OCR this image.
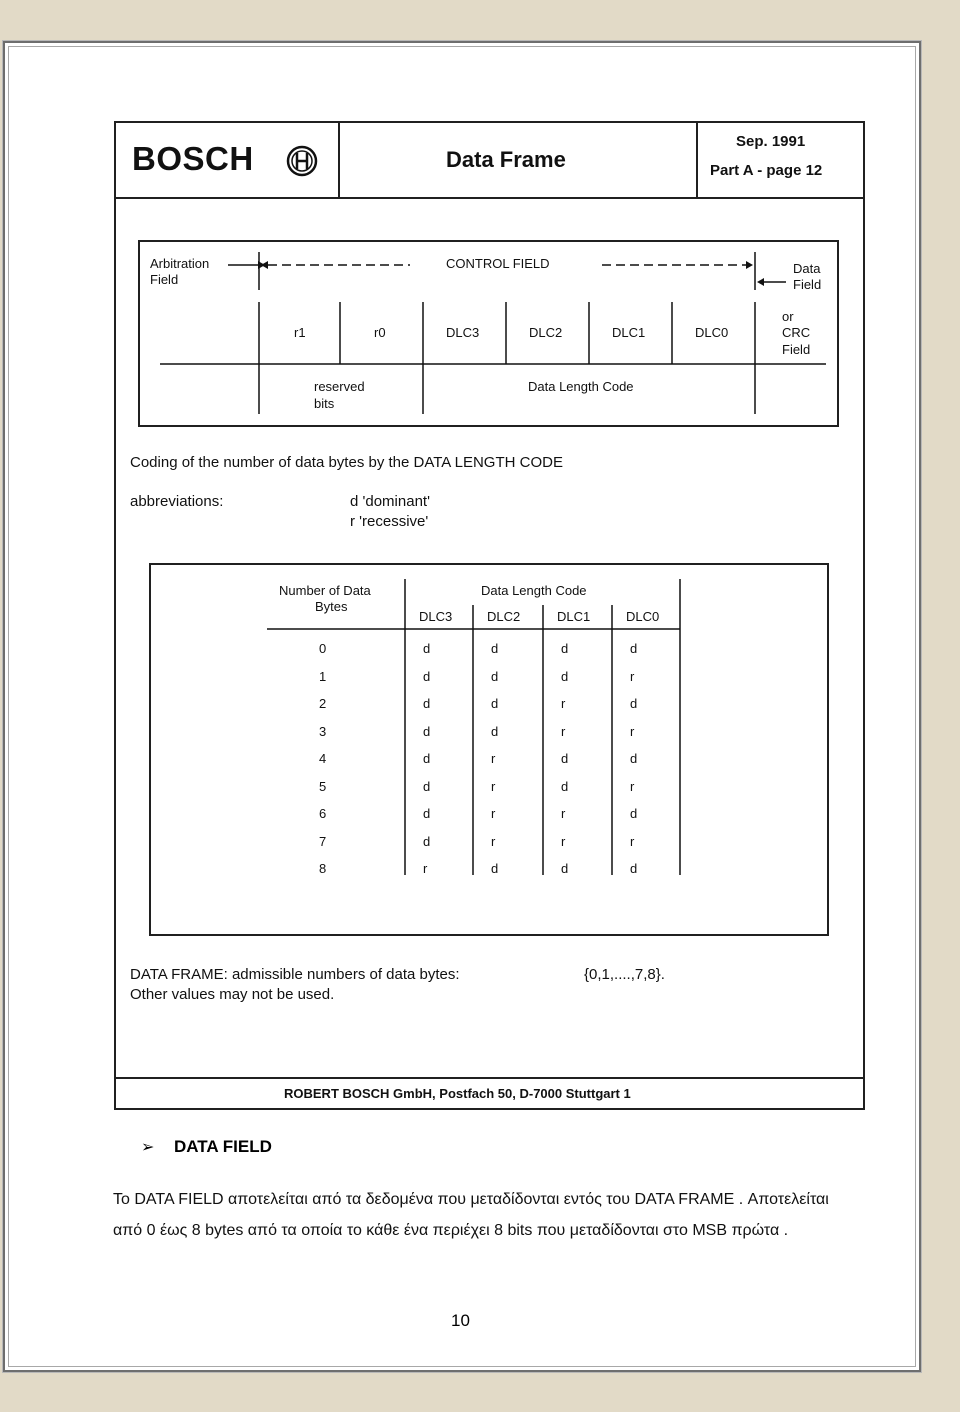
BOSCH	Data Frame
Sep. 1991
Part A - page 12
Arbitration
Field
CONTROL FIELD	Data
Field
r1	r0	DLC3	DLC2	DLC1	DLC0
or
CRC
Field
reserved
bits
Data Length Code
Coding of the number of data bytes by the DATA LENGTH CODE
abbreviations:	d 'dominant'
r 'recessive'
Number of Data
Bytes
Data Length Code
DLC3	DLC2	DLC1	DLC0
0	d	d	d	d
1	d	d	d	r
2	d	d	r	d
3	d	d	r	r
4	d	r	d	d
5	d	r	d	r
6	d	r	r	d
7	d	r	r	r
8	r	d	d	d
DATA FRAME: admissible numbers of data bytes:	{0,1,....,7,8}.
Other values may not be used.
ROBERT BOSCH GmbH, Postfach 50, D-7000 Stuttgart 1
➢ DATA FIELD
Το DATA FIELD αποτελείται από τα δεδομένα που μεταδίδονται εντός του DATA FRAME . Αποτελείται από 0 έως 8 bytes από τα οποία το κάθε ένα περιέχει 8 bits που μεταδίδονται στο MSB πρώτα .
10
